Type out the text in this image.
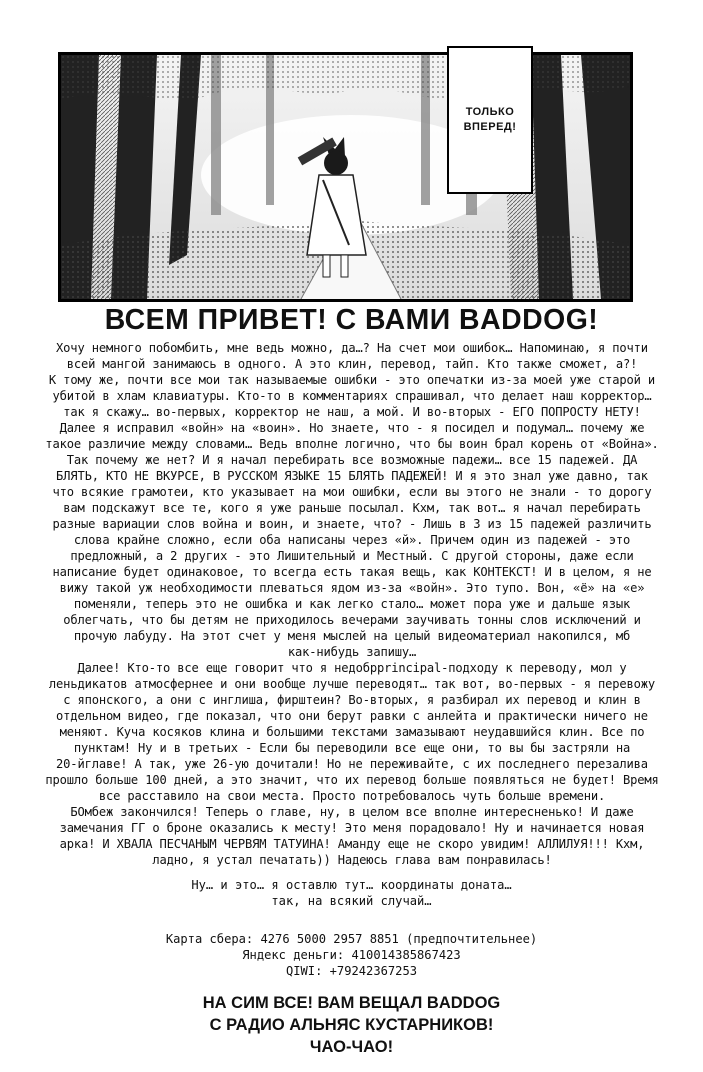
ТОЛЬКО ВПЕРЕД!
ВСЕМ ПРИВЕТ! С ВАМИ BADDOG!

Хочу немного побомбить, мне ведь можно, да…? На счет мои ошибок… Напоминаю, я почти

всей мангой занимаюсь в одного. А это клин, перевод, тайп. Кто также сможет, а?!

К тому же, почти все мои так называемые ошибки - это опечатки из-за моей уже старой и

убитой в хлам клавиатуры. Кто-то в комментариях спрашивал, что делает наш корректор…

так я скажу… во-первых, корректор не наш, а мой. И во-вторых - ЕГО ПОПРОСТУ НЕТУ!

Далее я исправил «войн» на «воин». Но знаете, что - я посидел и подумал… почему же

такое различие между словами… Ведь вполне логично, что бы воин брал корень от «Война».

Так почему же нет? И я начал перебирать все возможные падежи… все 15 падежей. ДА

БЛЯТЬ, КТО НЕ ВКУРСЕ, В РУССКОМ ЯЗЫКЕ 15 БЛЯТЬ ПАДЕЖЕЙ! И я это знал уже давно, так

что всякие грамотеи, кто указывает на мои ошибки, если вы этого не знали - то дорогу

вам подскажут все те, кого я уже раньше посылал. Кхм, так вот… я начал перебирать

разные вариации слов война и воин, и знаете, что? - Лишь в 3 из 15 падежей различить

слова крайне сложно, если оба написаны через «й». Причем один из падежей - это

предложный, а 2 других - это Лишительный и Местный. С другой стороны, даже если

написание будет одинаковое, то всегда есть такая вещь, как КОНТЕКСТ! И в целом, я не

вижу такой уж необходимости плеваться ядом из-за «войн». Это тупо. Вон, «ё» на «е»

поменяли, теперь это не ошибка и как легко стало… может пора уже и дальше язык

облегчать, что бы детям не приходилось вечерами заучивать тонны слов исключений и

прочую лабуду. На этот счет у меня мыслей на целый видеоматериал накопился, мб

как-нибудь запишу…

Далее! Кто-то все еще говорит что я недобрprincipal-подходу к переводу, мол у

леньдикатов атмосфернее и они вообще лучше переводят… так вот, во-первых - я перевожу

с японского, а они с инглиша, фирштеин? Во-вторых, я разбирал их перевод и клин в

отдельном видео, где показал, что они берут равки с анлейта и практически ничего не

меняют. Куча косяков клина и большими текстами замазывают неудавшийся клин. Все по

пунктам! Ну и в третьих - Если бы переводили все еще они, то вы бы застряли на

20-йглаве! А так, уже 26-ую дочитали! Но не переживайте, с их последнего перезалива

прошло больше 100 дней, а это значит, что их перевод больше появляться не будет! Время

все расставило на свои места. Просто потребовалось чуть больше времени.

БОмбеж закончился! Теперь о главе, ну, в целом все вполне интересненько! И даже

замечания ГГ о броне оказались к месту! Это меня порадовало! Ну и начинается новая

арка! И ХВАЛА ПЕСЧАНЫМ ЧЕРВЯМ ТАТУИНА! Аманду еще не скоро увидим! АЛЛИЛУЯ!!! Кхм,

ладно, я устал печатать)) Надеюсь глава вам понравилась!

Ну… и это… я оставлю тут… координаты доната…

так, на всякий случай…

Карта сбера: 4276 5000 2957 8851 (предпочтительнее)

Яндекс деньги: 410014385867423

QIWI: +79242367253

НА СИМ ВСЕ! ВАМ ВЕЩАЛ BADDOG

С РАДИО АЛЬНЯС КУСТАРНИКОВ!

ЧАО-ЧАО!
